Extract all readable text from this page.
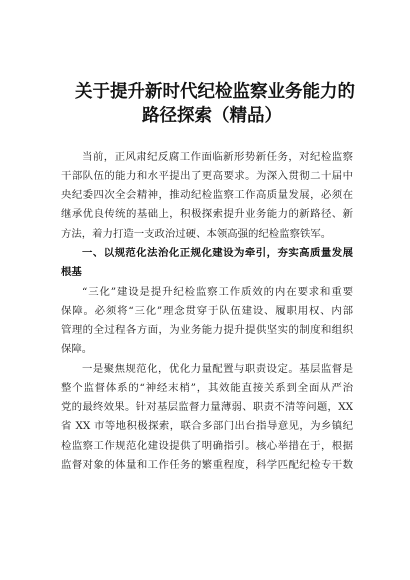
关于提升新时代纪检监察业务能力的
路径探索（精品）
当前，正风肃纪反腐工作面临新形势新任务，对纪检监察
干部队伍的能力和水平提出了更高要求。为深入贯彻二十届中
央纪委四次全会精神，推动纪检监察工作高质量发展，必须在
继承优良传统的基础上，积极探索提升业务能力的新路径、新
方法，着力打造一支政治过硬、本领高强的纪检监察铁军。
一、以规范化法治化正规化建设为牵引，夯实高质量发展
根基
“三化”建设是提升纪检监察工作质效的内在要求和重要
保障。必须将“三化”理念贯穿于队伍建设、履职用权、内部
管理的全过程各方面，为业务能力提升提供坚实的制度和组织
保障。
一是聚焦规范化，优化力量配置与职责设定。基层监督是
整个监督体系的“神经末梢”，其效能直接关系到全面从严治
党的最终效果。针对基层监督力量薄弱、职责不清等问题，XX
省 XX 市等地积极探索，联合多部门出台指导意见，为乡镇纪
检监察工作规范化建设提供了明确指引。核心举措在于，根据
监督对象的体量和工作任务的繁重程度，科学匹配纪检专干数
